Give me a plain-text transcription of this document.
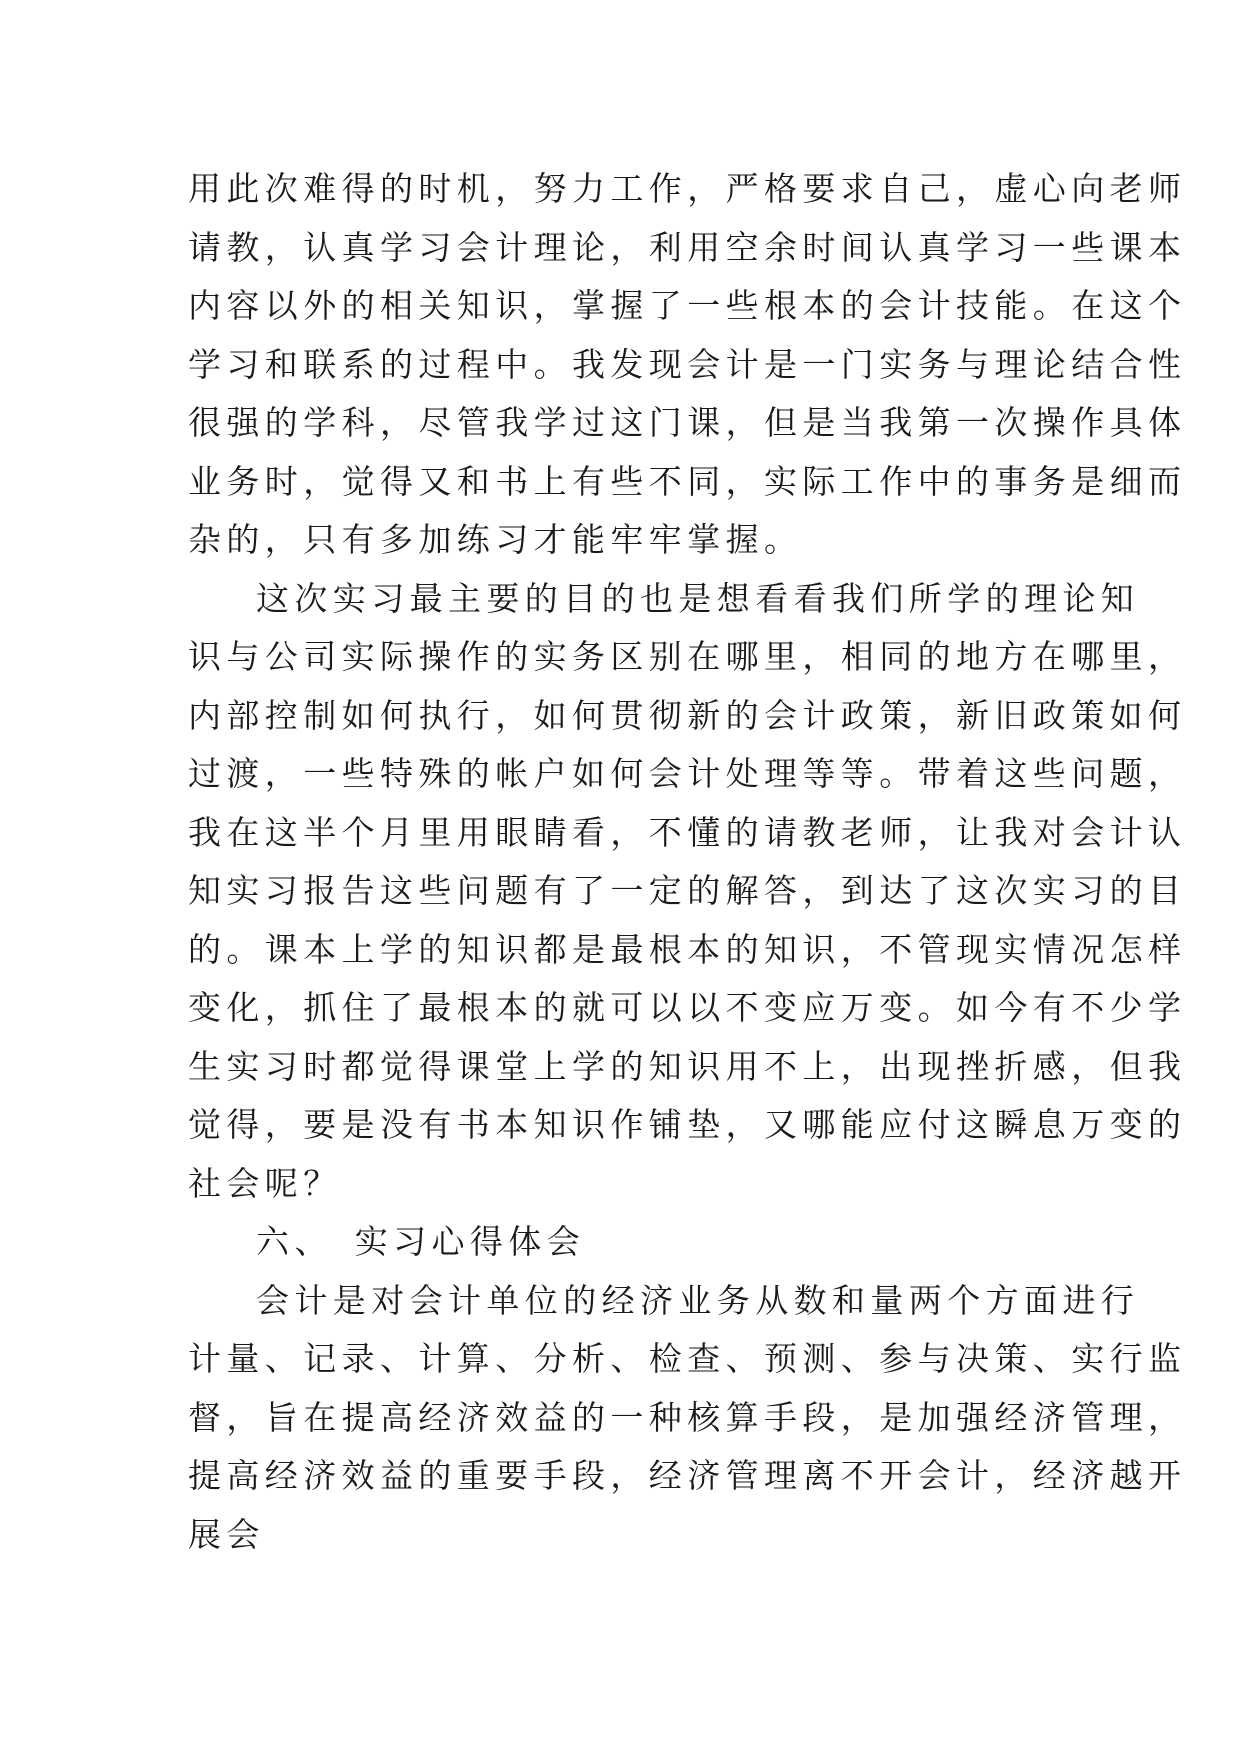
用此次难得的时机，努力工作，严格要求自己，虚心向老师
请教，认真学习会计理论，利用空余时间认真学习一些课本
内容以外的相关知识，掌握了一些根本的会计技能。在这个
学习和联系的过程中。我发现会计是一门实务与理论结合性
很强的学科，尽管我学过这门课，但是当我第一次操作具体
业务时，觉得又和书上有些不同，实际工作中的事务是细而
杂的，只有多加练习才能牢牢掌握。
这次实习最主要的目的也是想看看我们所学的理论知
识与公司实际操作的实务区别在哪里，相同的地方在哪里，
内部控制如何执行，如何贯彻新的会计政策，新旧政策如何
过渡，一些特殊的帐户如何会计处理等等。带着这些问题，
我在这半个月里用眼睛看，不懂的请教老师，让我对会计认
知实习报告这些问题有了一定的解答，到达了这次实习的目
的。课本上学的知识都是最根本的知识，不管现实情况怎样
变化，抓住了最根本的就可以以不变应万变。如今有不少学
生实习时都觉得课堂上学的知识用不上，出现挫折感，但我
觉得，要是没有书本知识作铺垫，又哪能应付这瞬息万变的
社会呢？
六、　实习心得体会
会计是对会计单位的经济业务从数和量两个方面进行
计量、记录、计算、分析、检查、预测、参与决策、实行监
督，旨在提高经济效益的一种核算手段，是加强经济管理，
提高经济效益的重要手段，经济管理离不开会计，经济越开
展会
